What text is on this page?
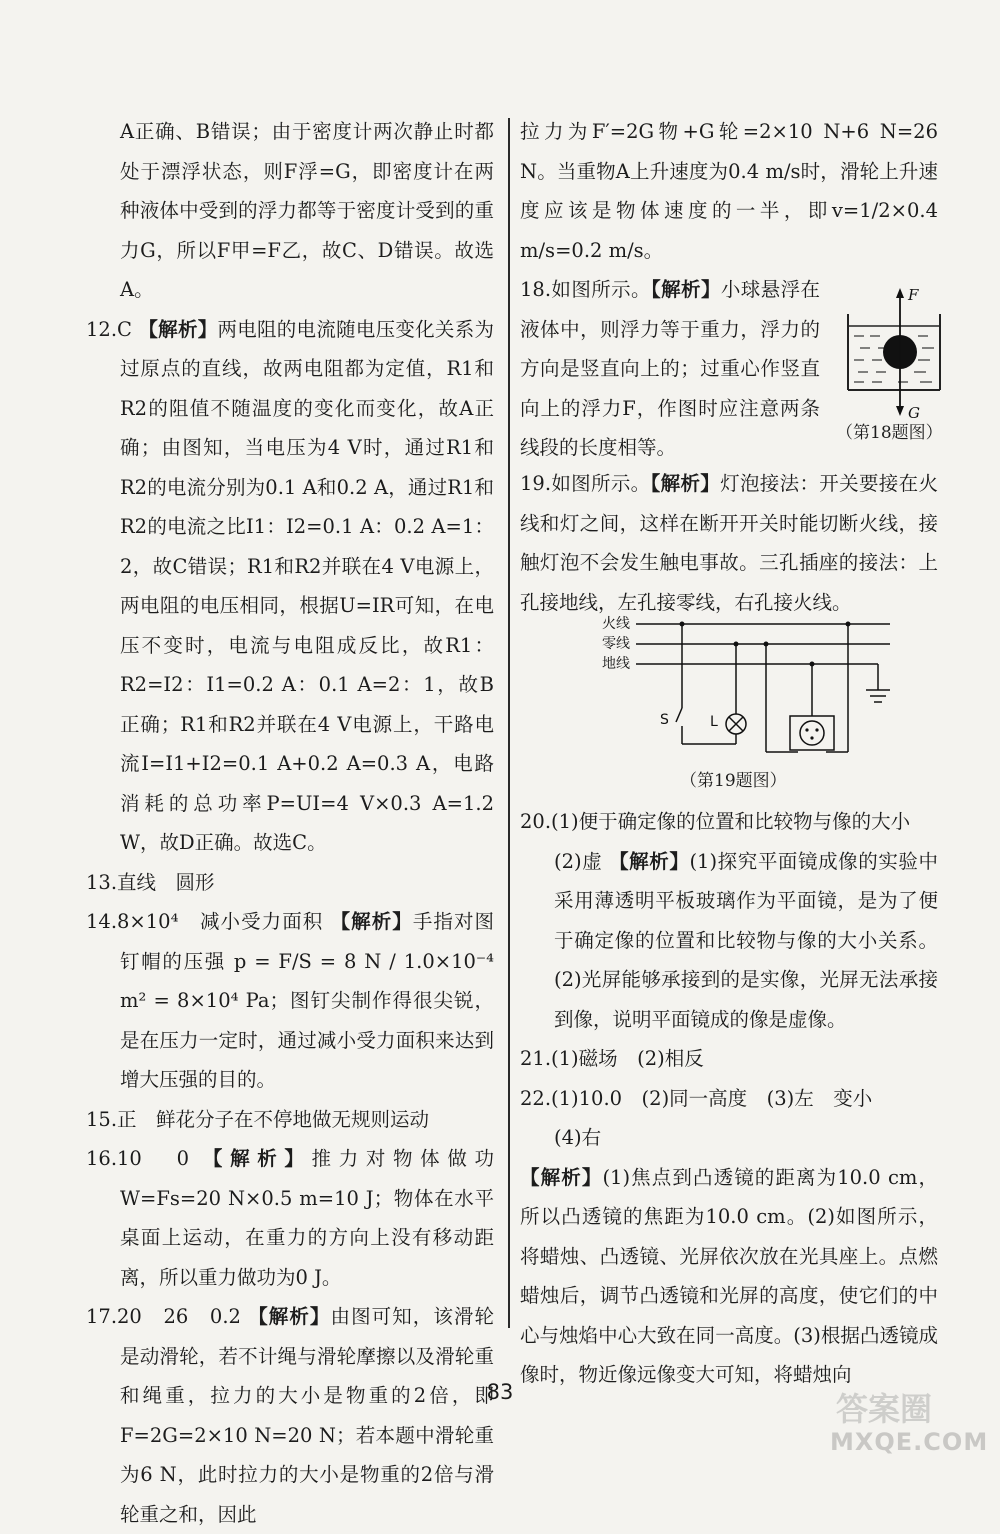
A正确、B错误；由于密度计两次静止时都处于漂浮状态，则F浮=G，即密度计在两种液体中受到的浮力都等于密度计受到的重力G，所以F甲=F乙，故C、D错误。故选A。

12.C 【解析】两电阻的电流随电压变化关系为过原点的直线，故两电阻都为定值，R1和R2的阻值不随温度的变化而变化，故A正确；由图知，当电压为4 V时，通过R1和R2的电流分别为0.1 A和0.2 A，通过R1和R2的电流之比I1：I2=0.1 A：0.2 A=1：2，故C错误；R1和R2并联在4 V电源上，两电阻的电压相同，根据U=IR可知，在电压不变时，电流与电阻成反比，故R1：R2=I2：I1=0.2 A：0.1 A=2：1，故B正确；R1和R2并联在4 V电源上，干路电流I=I1+I2=0.1 A+0.2 A=0.3 A，电路消耗的总功率P=UI=4 V×0.3 A=1.2 W，故D正确。故选C。

13.直线　圆形

14.8×10⁴　减小受力面积 【解析】手指对图钉帽的压强 p = F/S = 8 N / 1.0×10⁻⁴ m² = 8×10⁴ Pa；图钉尖制作得很尖锐，是在压力一定时，通过减小受力面积来达到增大压强的目的。

15.正　鲜花分子在不停地做无规则运动

16.10　0 【解析】推力对物体做功W=Fs=20 N×0.5 m=10 J；物体在水平桌面上运动，在重力的方向上没有移动距离，所以重力做功为0 J。

17.20　26　0.2 【解析】由图可知，该滑轮是动滑轮，若不计绳与滑轮摩擦以及滑轮重和绳重，拉力的大小是物重的2倍，即F=2G=2×10 N=20 N；若本题中滑轮重为6 N，此时拉力的大小是物重的2倍与滑轮重之和，因此

拉力为F′=2G物+G轮=2×10 N+6 N=26 N。当重物A上升速度为0.4 m/s时，滑轮上升速度应该是物体速度的一半，即v=1/2×0.4 m/s=0.2 m/s。

18.如图所示。【解析】小球悬浮在液体中，则浮力等于重力，浮力的方向是竖直向上的；过重心作竖直向上的浮力F，作图时应注意两条线段的长度相等。

F
G
（第18题图）

19.如图所示。【解析】灯泡接法：开关要接在火线和灯之间，这样在断开开关时能切断火线，接触灯泡不会发生触电事故。三孔插座的接法：上孔接地线，左孔接零线，右孔接火线。

火线
零线
地线
S	L
（第19题图）

20.(1)便于确定像的位置和比较物与像的大小

(2)虚 【解析】(1)探究平面镜成像的实验中采用薄透明平板玻璃作为平面镜，是为了便于确定像的位置和比较物与像的大小关系。(2)光屏能够承接到的是实像，光屏无法承接到像，说明平面镜成的像是虚像。

21.(1)磁场　(2)相反

22.(1)10.0　(2)同一高度　(3)左　变小

(4)右

【解析】(1)焦点到凸透镜的距离为10.0 cm，所以凸透镜的焦距为10.0 cm。(2)如图所示，将蜡烛、凸透镜、光屏依次放在光具座上。点燃蜡烛后，调节凸透镜和光屏的高度，使它们的中心与烛焰中心大致在同一高度。(3)根据凸透镜成像时，物近像远像变大可知，将蜡烛向

83	答案圈
MXQE.COM
